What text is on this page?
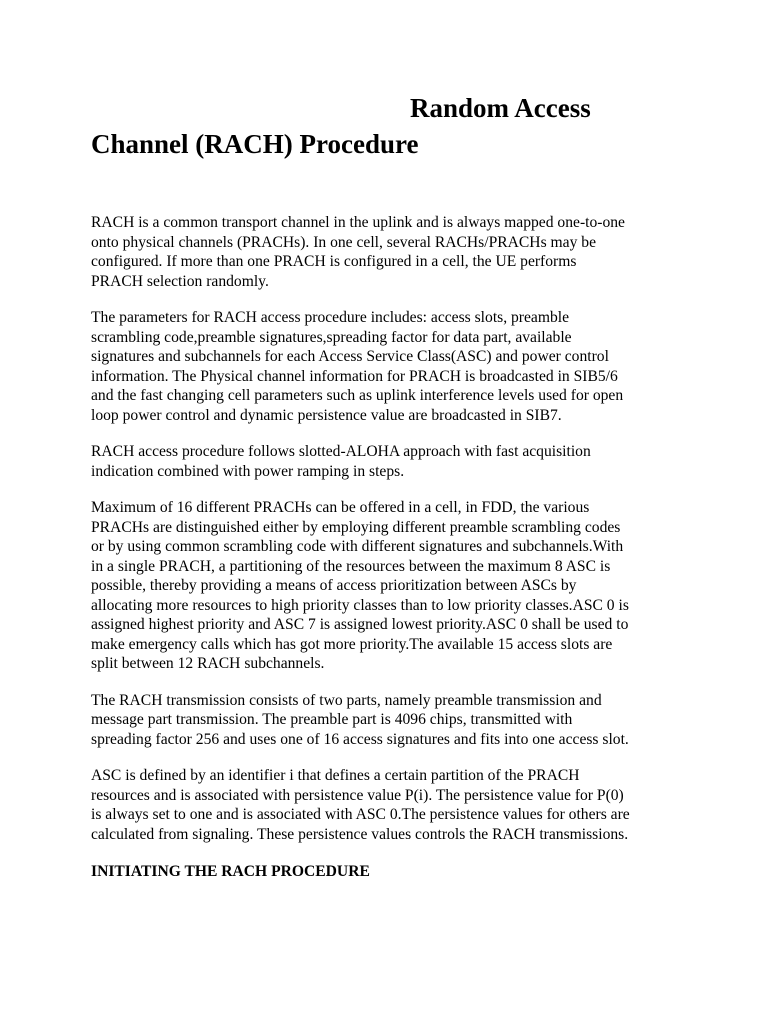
Random Access
Channel (RACH) Procedure

RACH is a common transport channel in the uplink and is always mapped one-to-one
onto physical channels (PRACHs). In one cell, several RACHs/PRACHs may be
configured. If more than one PRACH is configured in a cell, the UE performs
PRACH selection randomly.

The parameters for RACH access procedure includes: access slots, preamble
scrambling code,preamble signatures,spreading factor for data part, available
signatures and subchannels for each Access Service Class(ASC) and power control
information. The Physical channel information for PRACH is broadcasted in SIB5/6
and the fast changing cell parameters such as uplink interference levels used for open
loop power control and dynamic persistence value are broadcasted in SIB7.

RACH access procedure follows slotted-ALOHA approach with fast acquisition
indication combined with power ramping in steps.

Maximum of 16 different PRACHs can be offered in a cell, in FDD, the various
PRACHs are distinguished either by employing different preamble scrambling codes
or by using common scrambling code with different signatures and subchannels.With
in a single PRACH, a partitioning of the resources between the maximum 8 ASC is
possible, thereby providing a means of access prioritization between ASCs by
allocating more resources to high priority classes than to low priority classes.ASC 0 is
assigned highest priority and ASC 7 is assigned lowest priority.ASC 0 shall be used to
make emergency calls which has got more priority.The available 15 access slots are
split between 12 RACH subchannels.

The RACH transmission consists of two parts, namely preamble transmission and
message part transmission. The preamble part is 4096 chips, transmitted with
spreading factor 256 and uses one of 16 access signatures and fits into one access slot.

ASC is defined by an identifier i that defines a certain partition of the PRACH
resources and is associated with persistence value P(i). The persistence value for P(0)
is always set to one and is associated with ASC 0.The persistence values for others are
calculated from signaling. These persistence values controls the RACH transmissions.

INITIATING THE RACH PROCEDURE
